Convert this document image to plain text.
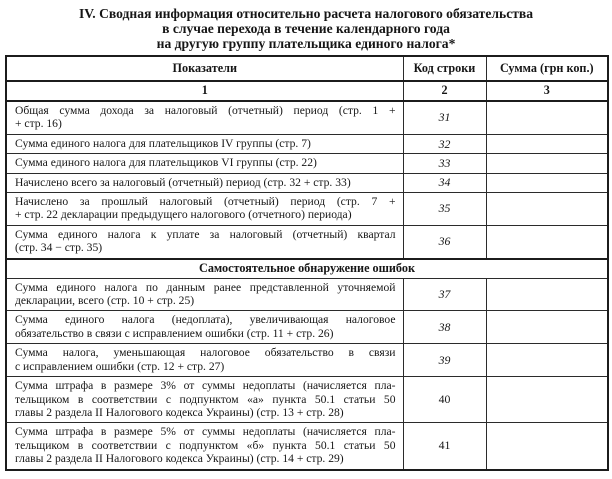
IV. Сводная информация относительно расчета налогового обязательства
в случае перехода в течение календарного года
на другую группу плательщика единого налога*
Показатели	Код строки	Сумма (грн коп.)
1	2	3

Общая сумма дохода за налоговый (отчетный) период (стр. 1 +
+ стр. 16)	31	

Сумма единого налога для плательщиков IV группы (стр. 7)	32	

Сумма единого налога для плательщиков VI группы (стр. 22)	33	

Начислено всего за налоговый (отчетный) период (стр. 32 + стр. 33)	34	

Начислено за прошлый налоговый (отчетный) период (стр. 7 +
+ стр. 22 декларации предыдущего налогового (отчетного) периода)	35	

Сумма единого налога к уплате за налоговый (отчетный) квартал
(стр. 34 − стр. 35)	36	
Самостоятельное обнаружение ошибок		

Сумма единого налога по данным ранее представленной уточняемой
декларации, всего (стр. 10 + стр. 25)	37	

Сумма единого налога (недоплата), увеличивающая налоговое
обязательство в связи с исправлением ошибки (стр. 11 + стр. 26)	38	

Сумма налога, уменьшающая налоговое обязательство в связи
с исправлением ошибки (стр. 12 + стр. 27)	39	

Сумма штрафа в размере 3% от суммы недоплаты (начисляется пла-
тельщиком в соответствии с подпунктом «а» пункта 50.1 статьи 50
главы 2 раздела II Налогового кодекса Украины) (стр. 13 + стр. 28)	40	

Сумма штрафа в размере 5% от суммы недоплаты (начисляется пла-
тельщиком в соответствии с подпунктом «б» пункта 50.1 статьи 50
главы 2 раздела II Налогового кодекса Украины) (стр. 14 + стр. 29)	41	
